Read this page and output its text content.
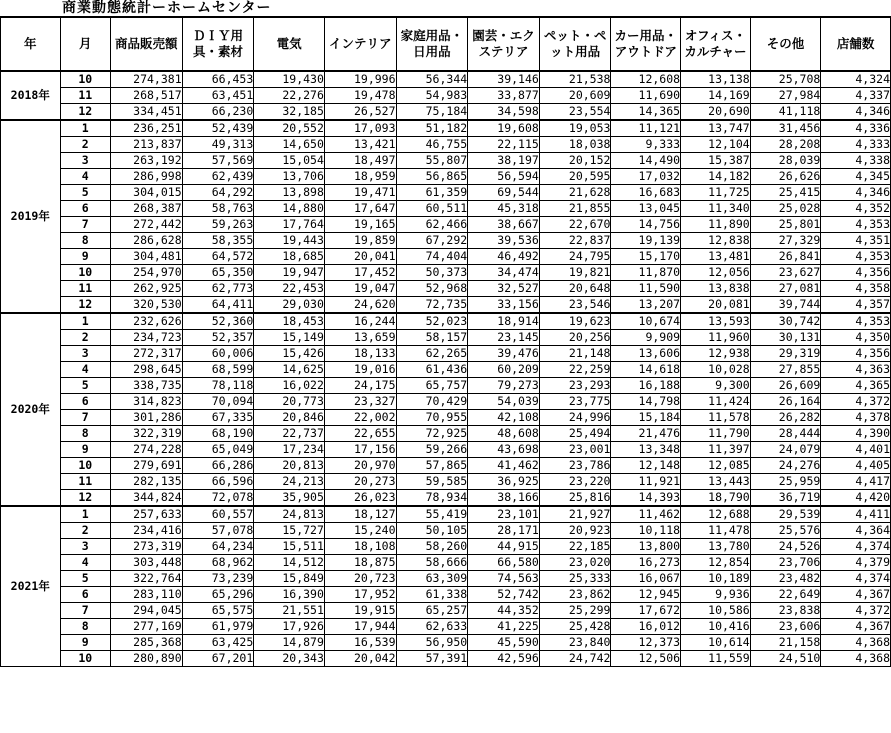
商業動態統計ーホームセンター
年	月	商品販売額	ＤＩＹ用具・素材	電気	インテリア	家庭用品・日用品	園芸・エクステリア	ペット・ペット用品	カー用品・アウトドア	オフィス・カルチャー	その他	店舗数
2018年	10	274,381	66,453	19,430	19,996	56,344	39,146	21,538	12,608	13,138	25,708	4,324
	11	268,517	63,451	22,276	19,478	54,983	33,877	20,609	11,690	14,169	27,984	4,337
	12	334,451	66,230	32,185	26,527	75,184	34,598	23,554	14,365	20,690	41,118	4,346
2019年	1	236,251	52,439	20,552	17,093	51,182	19,608	19,053	11,121	13,747	31,456	4,336
	2	213,837	49,313	14,650	13,421	46,755	22,115	18,038	9,333	12,104	28,208	4,333
	3	263,192	57,569	15,054	18,497	55,807	38,197	20,152	14,490	15,387	28,039	4,338
	4	286,998	62,439	13,706	18,959	56,865	56,594	20,595	17,032	14,182	26,626	4,345
	5	304,015	64,292	13,898	19,471	61,359	69,544	21,628	16,683	11,725	25,415	4,346
	6	268,387	58,763	14,880	17,647	60,511	45,318	21,855	13,045	11,340	25,028	4,352
	7	272,442	59,263	17,764	19,165	62,466	38,667	22,670	14,756	11,890	25,801	4,353
	8	286,628	58,355	19,443	19,859	67,292	39,536	22,837	19,139	12,838	27,329	4,351
	9	304,481	64,572	18,685	20,041	74,404	46,492	24,795	15,170	13,481	26,841	4,353
	10	254,970	65,350	19,947	17,452	50,373	34,474	19,821	11,870	12,056	23,627	4,356
	11	262,925	62,773	22,453	19,047	52,968	32,527	20,648	11,590	13,838	27,081	4,358
	12	320,530	64,411	29,030	24,620	72,735	33,156	23,546	13,207	20,081	39,744	4,357
2020年	1	232,626	52,360	18,453	16,244	52,023	18,914	19,623	10,674	13,593	30,742	4,353
	2	234,723	52,357	15,149	13,659	58,157	23,145	20,256	9,909	11,960	30,131	4,350
	3	272,317	60,006	15,426	18,133	62,265	39,476	21,148	13,606	12,938	29,319	4,356
	4	298,645	68,599	14,625	19,016	61,436	60,209	22,259	14,618	10,028	27,855	4,363
	5	338,735	78,118	16,022	24,175	65,757	79,273	23,293	16,188	9,300	26,609	4,365
	6	314,823	70,094	20,773	23,327	70,429	54,039	23,775	14,798	11,424	26,164	4,372
	7	301,286	67,335	20,846	22,002	70,955	42,108	24,996	15,184	11,578	26,282	4,378
	8	322,319	68,190	22,737	22,655	72,925	48,608	25,494	21,476	11,790	28,444	4,390
	9	274,228	65,049	17,234	17,156	59,266	43,698	23,001	13,348	11,397	24,079	4,401
	10	279,691	66,286	20,813	20,970	57,865	41,462	23,786	12,148	12,085	24,276	4,405
	11	282,135	66,596	24,213	20,273	59,585	36,925	23,220	11,921	13,443	25,959	4,417
	12	344,824	72,078	35,905	26,023	78,934	38,166	25,816	14,393	18,790	36,719	4,420
2021年	1	257,633	60,557	24,813	18,127	55,419	23,101	21,927	11,462	12,688	29,539	4,411
	2	234,416	57,078	15,727	15,240	50,105	28,171	20,923	10,118	11,478	25,576	4,364
	3	273,319	64,234	15,511	18,108	58,260	44,915	22,185	13,800	13,780	24,526	4,374
	4	303,448	68,962	14,512	18,875	58,666	66,580	23,020	16,273	12,854	23,706	4,379
	5	322,764	73,239	15,849	20,723	63,309	74,563	25,333	16,067	10,189	23,482	4,374
	6	283,110	65,296	16,390	17,952	61,338	52,742	23,862	12,945	9,936	22,649	4,367
	7	294,045	65,575	21,551	19,915	65,257	44,352	25,299	17,672	10,586	23,838	4,372
	8	277,169	61,979	17,926	17,944	62,633	41,225	25,428	16,012	10,416	23,606	4,367
	9	285,368	63,425	14,879	16,539	56,950	45,590	23,840	12,373	10,614	21,158	4,368
	10	280,890	67,201	20,343	20,042	57,391	42,596	24,742	12,506	11,559	24,510	4,368
